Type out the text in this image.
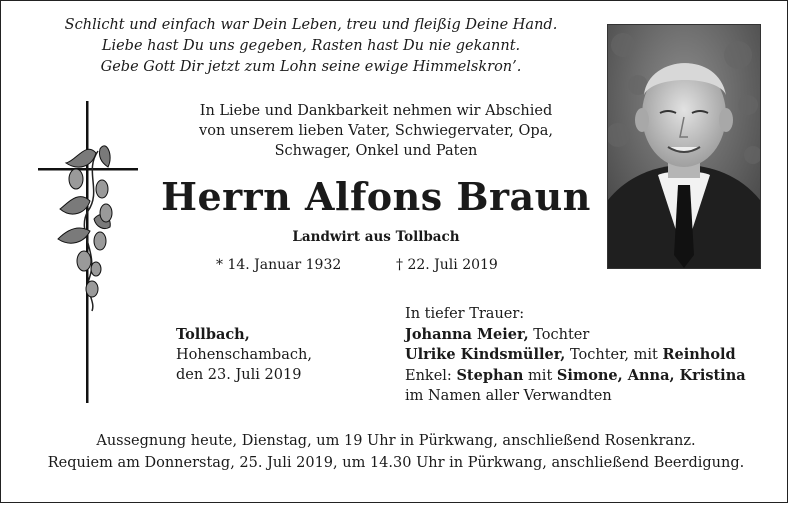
Schlicht und einfach war Dein Leben, treu und fleißig Deine Hand.
Liebe hast Du uns gegeben, Rasten hast Du nie gekannt.
Gebe Gott Dir jetzt zum Lohn seine ewige Himmelskron’.
In Liebe und Dankbarkeit nehmen wir Abschied
von unserem lieben Vater, Schwiegervater, Opa,
Schwager, Onkel und Paten
Herrn Alfons Braun
Landwirt aus Tollbach
* 14. Januar 1932	† 22. Juli 2019
Tollbach,
Hohenschambach,
den 23. Juli 2019
In tiefer Trauer:
Johanna Meier, Tochter
Ulrike Kindsmüller, Tochter, mit Reinhold
Enkel: Stephan mit Simone, Anna, Kristina
im Namen aller Verwandten
Aussegnung heute, Dienstag, um 19 Uhr in Pürkwang, anschließend Rosenkranz.
Requiem am Donnerstag, 25. Juli 2019, um 14.30 Uhr in Pürkwang, anschließend Beerdigung.
